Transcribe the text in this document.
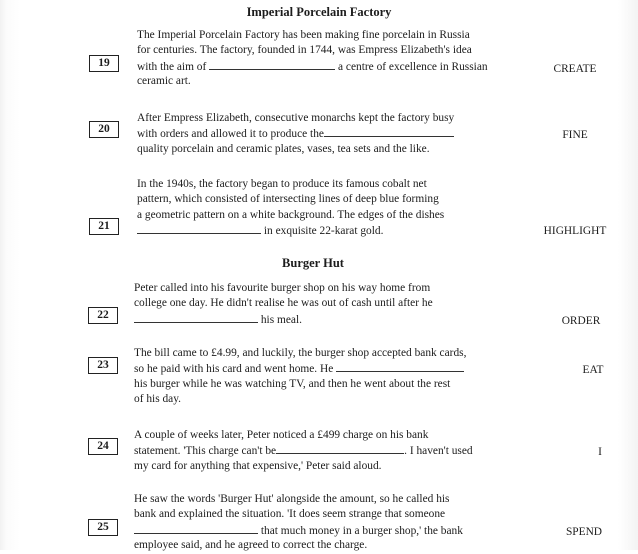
Imperial Porcelain Factory
The Imperial Porcelain Factory has been making fine porcelain in Russia
for centuries. The factory, founded in 1744, was Empress Elizabeth's idea
with the aim of	a centre of excellence in Russian
ceramic art.
19	CREATE
After Empress Elizabeth, consecutive monarchs kept the factory busy
with orders and allowed it to produce the
quality porcelain and ceramic plates, vases, tea sets and the like.
20	FINE
In the 1940s, the factory began to produce its famous cobalt net
pattern, which consisted of intersecting lines of deep blue forming
a geometric pattern on a white background. The edges of the dishes
in exquisite 22-karat gold.
21	HIGHLIGHT
Burger Hut
Peter called into his favourite burger shop on his way home from
college one day. He didn't realise he was out of cash until after he
his meal.
22	ORDER
The bill came to £4.99, and luckily, the burger shop accepted bank cards,
so he paid with his card and went home. He
his burger while he was watching TV, and then he went about the rest
of his day.
23	EAT
A couple of weeks later, Peter noticed a £499 charge on his bank
statement. 'This charge can't be	. I haven't used
my card for anything that expensive,' Peter said aloud.
24	I
He saw the words 'Burger Hut' alongside the amount, so he called his
bank and explained the situation. 'It does seem strange that someone
that much money in a burger shop,' the bank
employee said, and he agreed to correct the charge.
25	SPEND
